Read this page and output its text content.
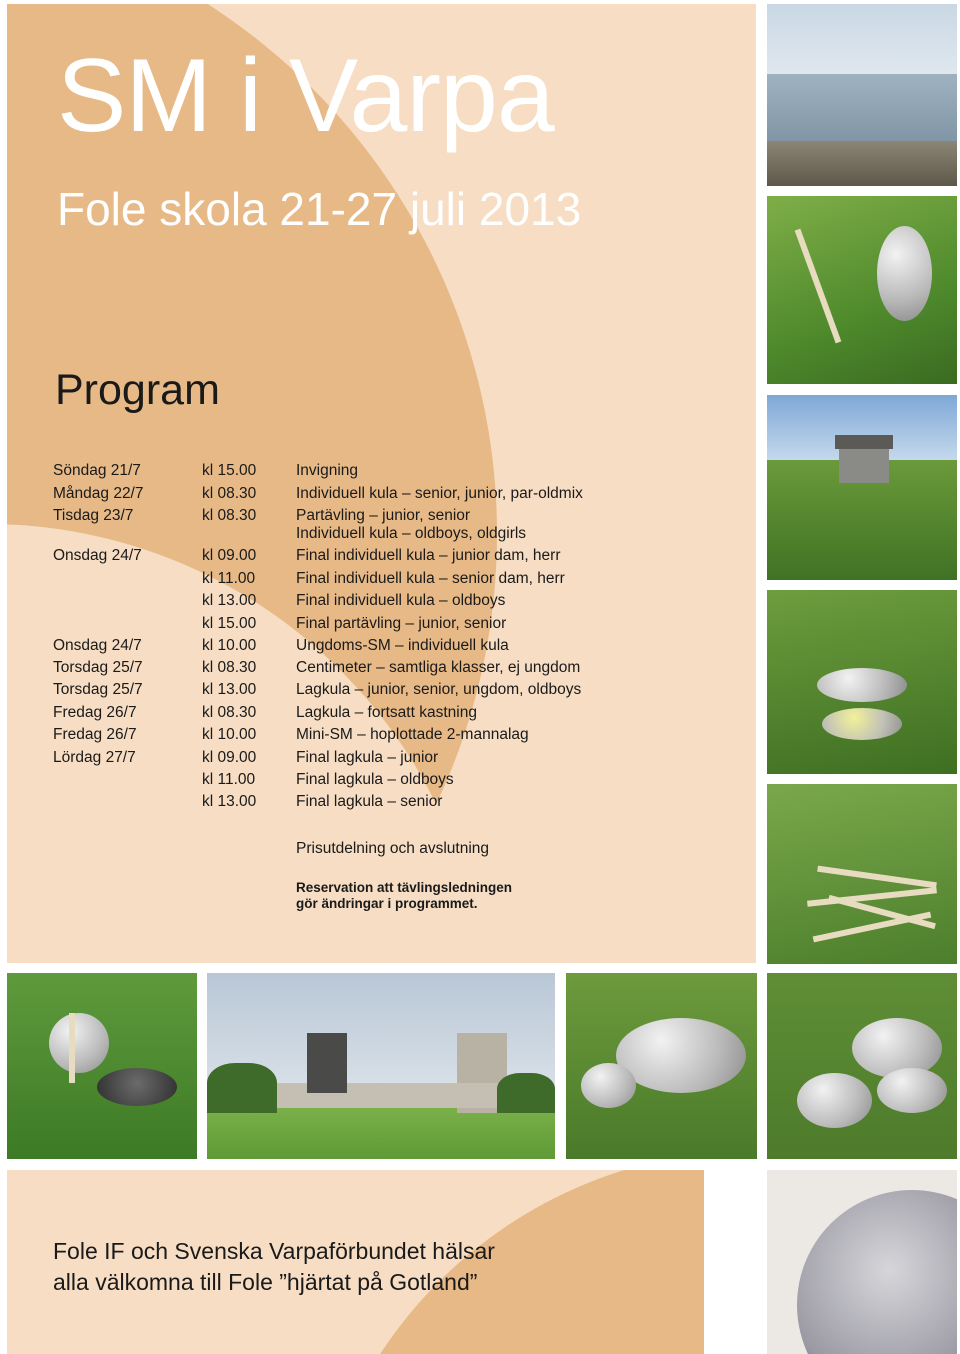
SM i Varpa
Fole skola 21-27 juli 2013
Program
Söndag 21/7	kl 15.00	Invigning
Måndag 22/7	kl 08.30	Individuell kula – senior, junior, par-oldmix
Tisdag 23/7	kl 08.30	Partävling – junior, senior
Individuell kula – oldboys, oldgirls
Onsdag 24/7	kl 09.00	Final individuell kula – junior dam, herr
kl 11.00	Final individuell kula – senior dam, herr
kl 13.00	Final individuell kula – oldboys
kl 15.00	Final partävling – junior, senior
Onsdag 24/7	kl 10.00	Ungdoms-SM – individuell kula
Torsdag 25/7	kl 08.30	Centimeter – samtliga klasser, ej ungdom
Torsdag 25/7	kl 13.00	Lagkula – junior, senior, ungdom, oldboys
Fredag 26/7	kl 08.30	Lagkula – fortsatt kastning
Fredag 26/7	kl 10.00	Mini-SM – hoplottade 2-mannalag
Lördag 27/7	kl 09.00	Final lagkula – junior
kl 11.00	Final lagkula – oldboys
kl 13.00	Final lagkula – senior
Prisutdelning och avslutning
Reservation att tävlingsledningen
gör ändringar i programmet.
Fole IF och Svenska Varpaförbundet hälsar
alla välkomna till Fole ”hjärtat på Gotland”
